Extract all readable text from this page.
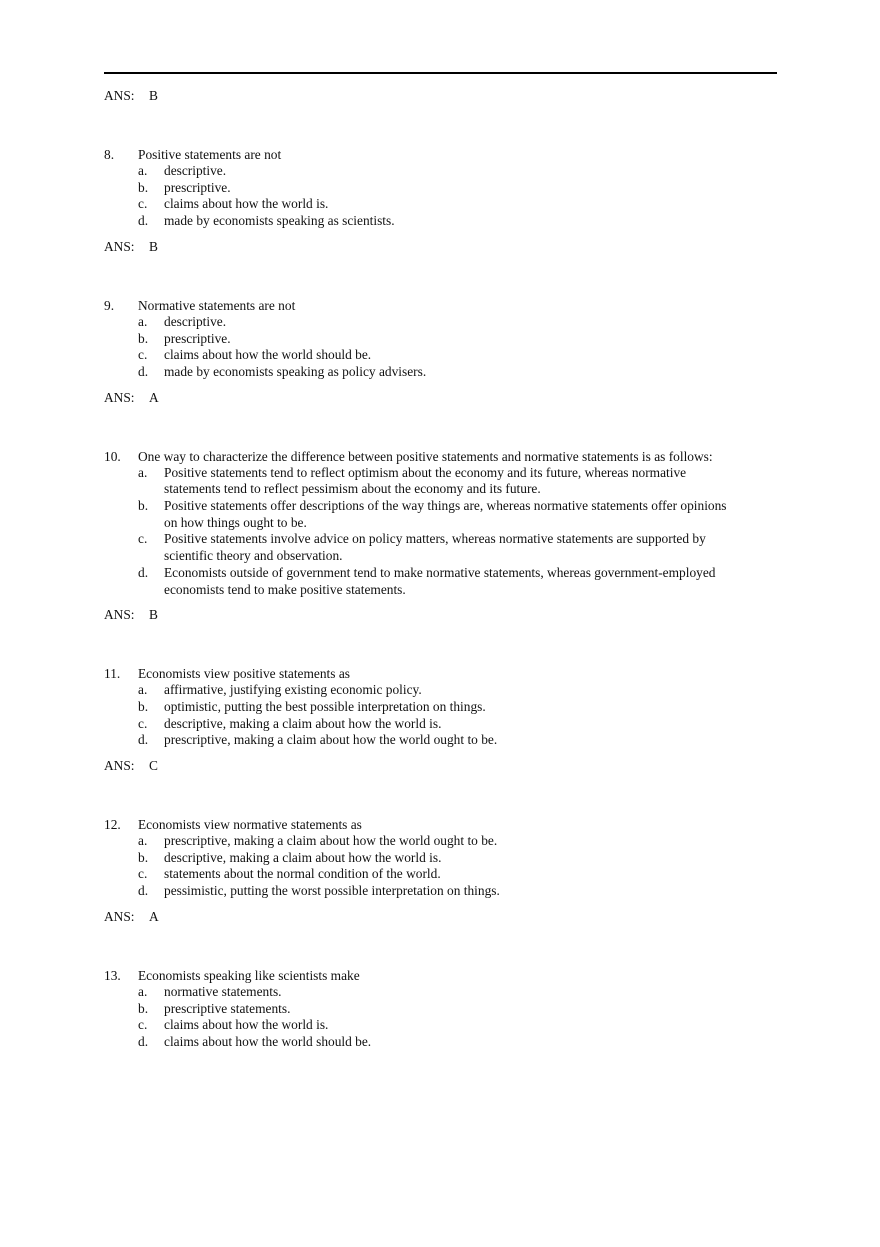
ANS: B
8.	Positive statements are not
a.	descriptive.
b.	prescriptive.
c.	claims about how the world is.
d.	made by economists speaking as scientists.
ANS: B
9.	Normative statements are not
a.	descriptive.
b.	prescriptive.
c.	claims about how the world should be.
d.	made by economists speaking as policy advisers.
ANS: A
10.	One way to characterize the difference between positive statements and normative statements is as follows:
a.	Positive statements tend to reflect optimism about the economy and its future, whereas normative statements tend to reflect pessimism about the economy and its future.
b.	Positive statements offer descriptions of the way things are, whereas normative statements offer opinions on how things ought to be.
c.	Positive statements involve advice on policy matters, whereas normative statements are supported by scientific theory and observation.
d.	Economists outside of government tend to make normative statements, whereas government-employed economists tend to make positive statements.
ANS: B
11.	Economists view positive statements as
a.	affirmative, justifying existing economic policy.
b.	optimistic, putting the best possible interpretation on things.
c.	descriptive, making a claim about how the world is.
d.	prescriptive, making a claim about how the world ought to be.
ANS: C
12.	Economists view normative statements as
a.	prescriptive, making a claim about how the world ought to be.
b.	descriptive, making a claim about how the world is.
c.	statements about the normal condition of the world.
d.	pessimistic, putting the worst possible interpretation on things.
ANS: A
13.	Economists speaking like scientists make
a.	normative statements.
b.	prescriptive statements.
c.	claims about how the world is.
d.	claims about how the world should be.
